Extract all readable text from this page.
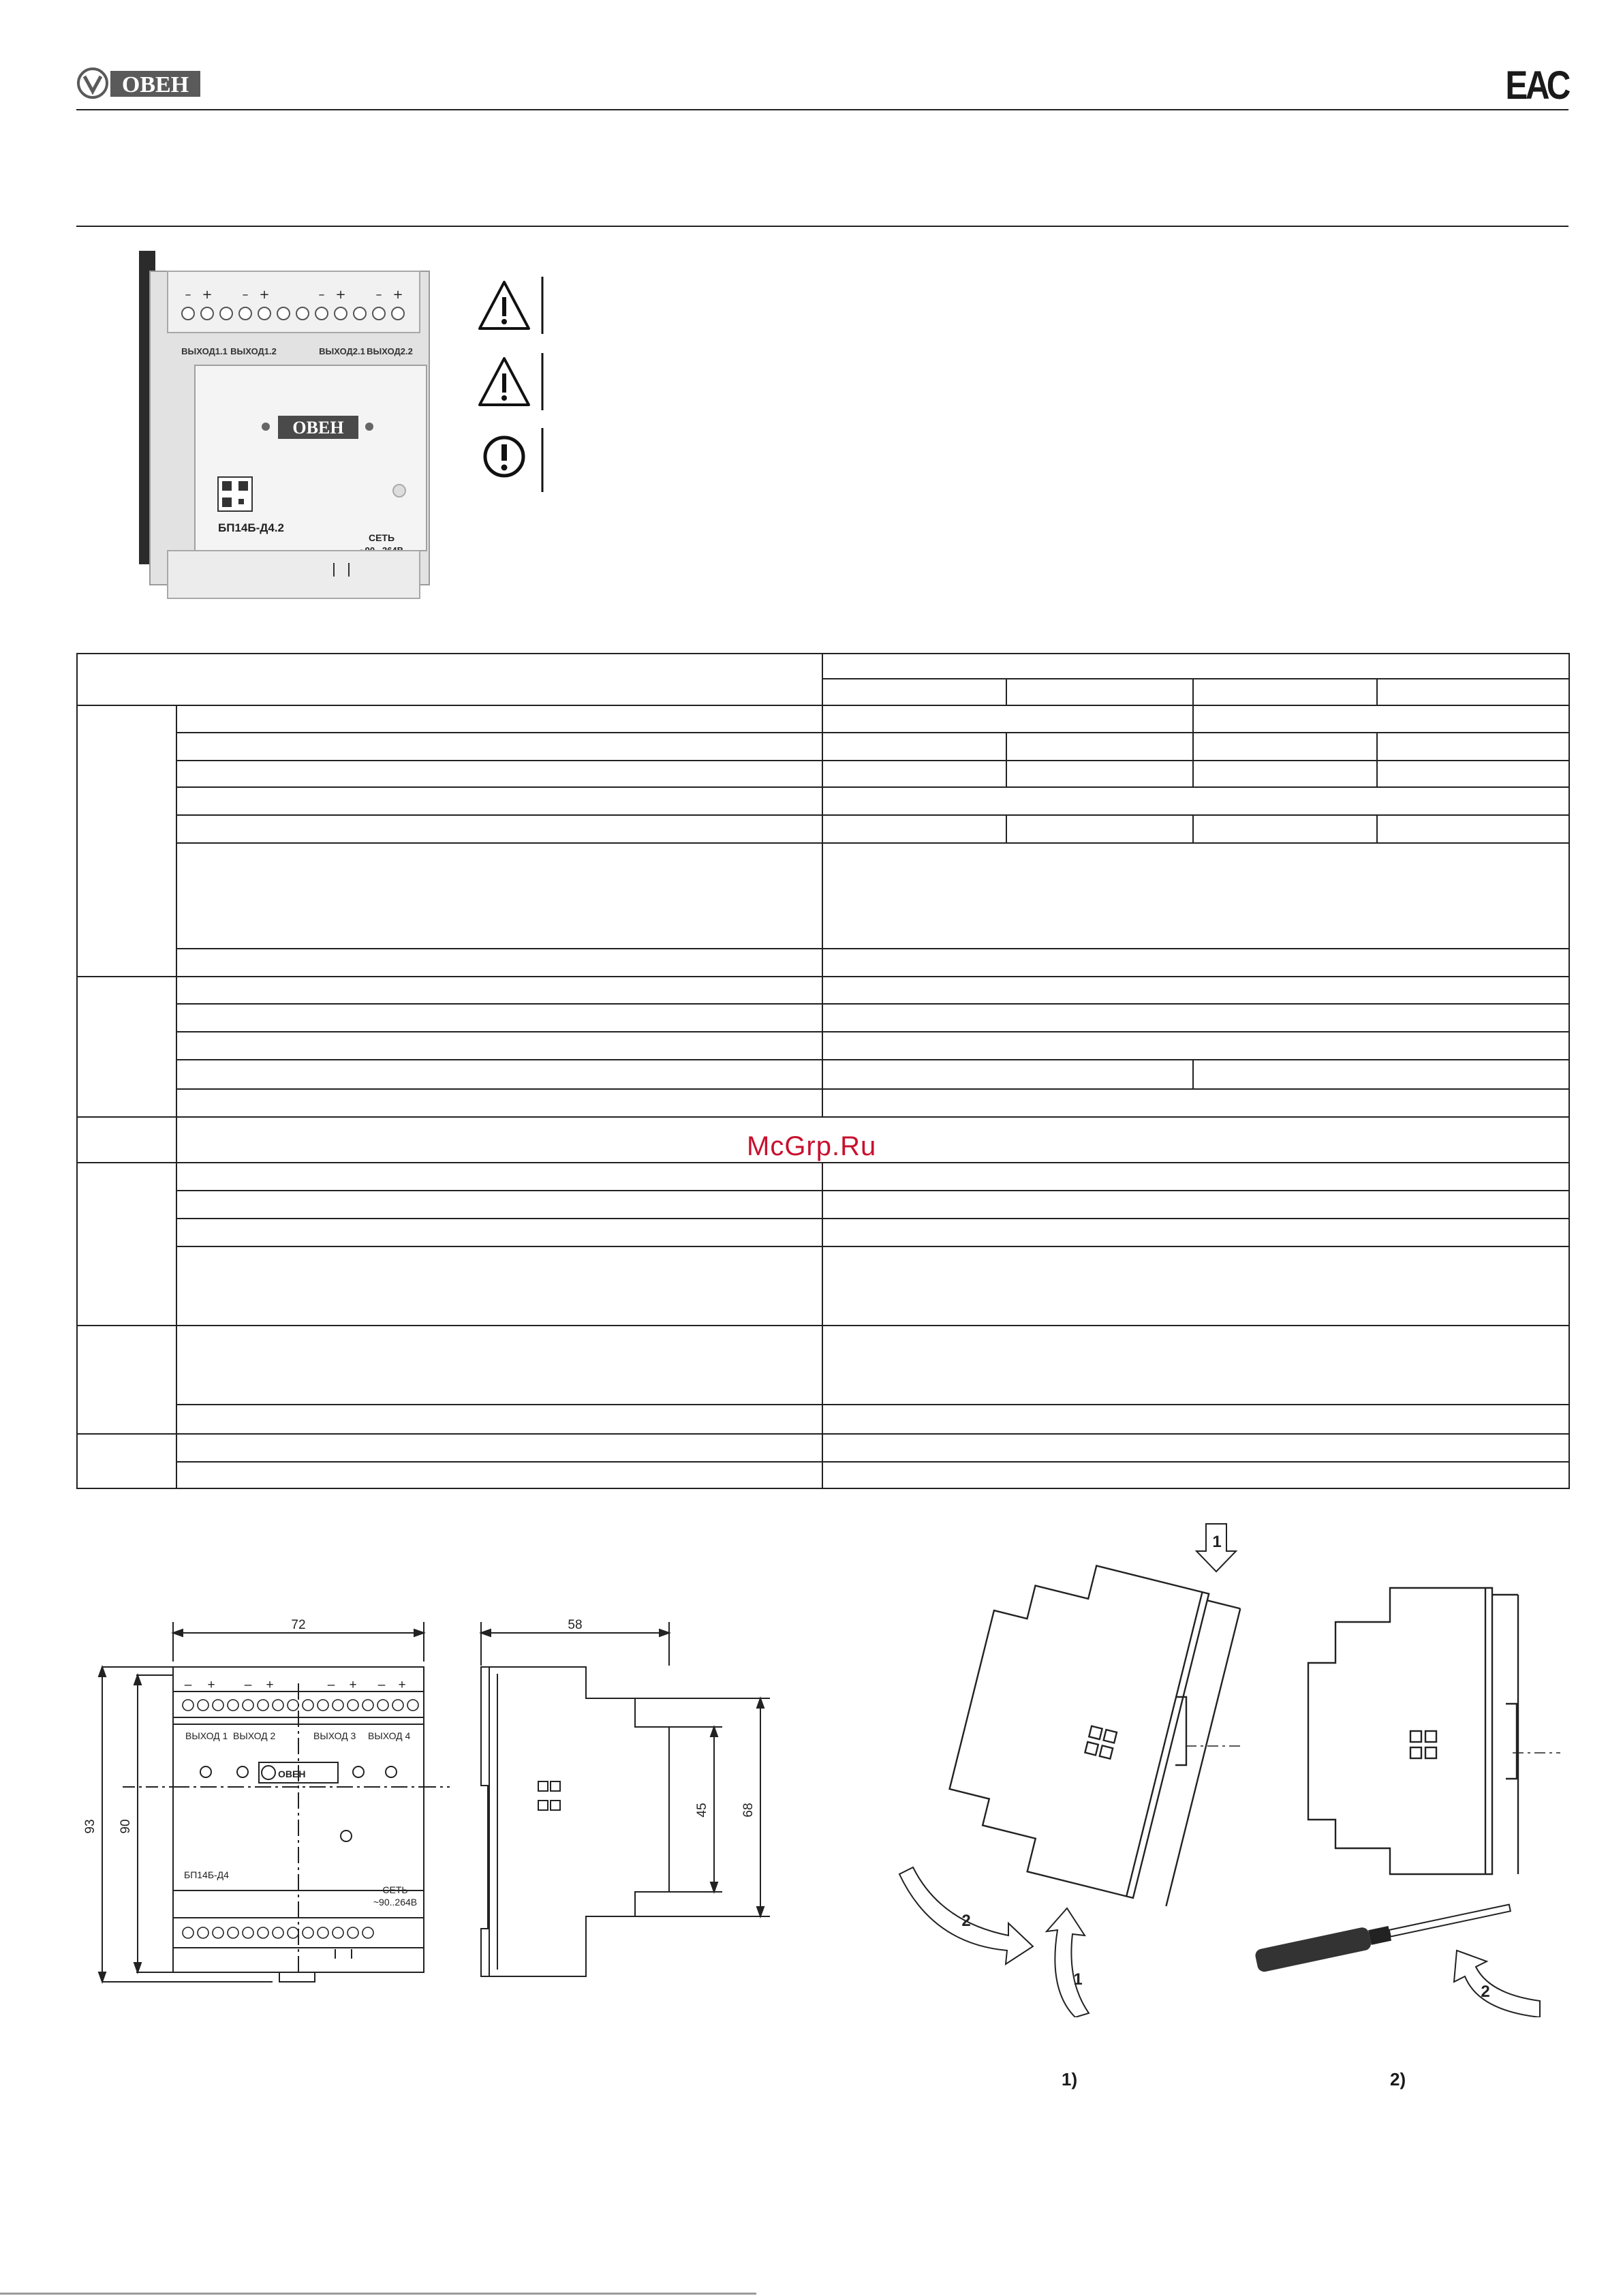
ОВЕН	ЕАС
– + – +	– + – +
ВЫХОД1.1 ВЫХОД1.2	ВЫХОД2.1 ВЫХОД2.2
ОВЕН
БП14Б-Д4.2
СЕТЬ

McGrp.Ru
– + – +	– + – +
72
93 90
ВЫХОД 1 ВЫХОД 2	ВЫХОД 3 ВЫХОД 4
ОВЕН
БП14Б-Д4
СЕТЬ
~90..264В
58
45 68
1
2
1
2
1)	2)
